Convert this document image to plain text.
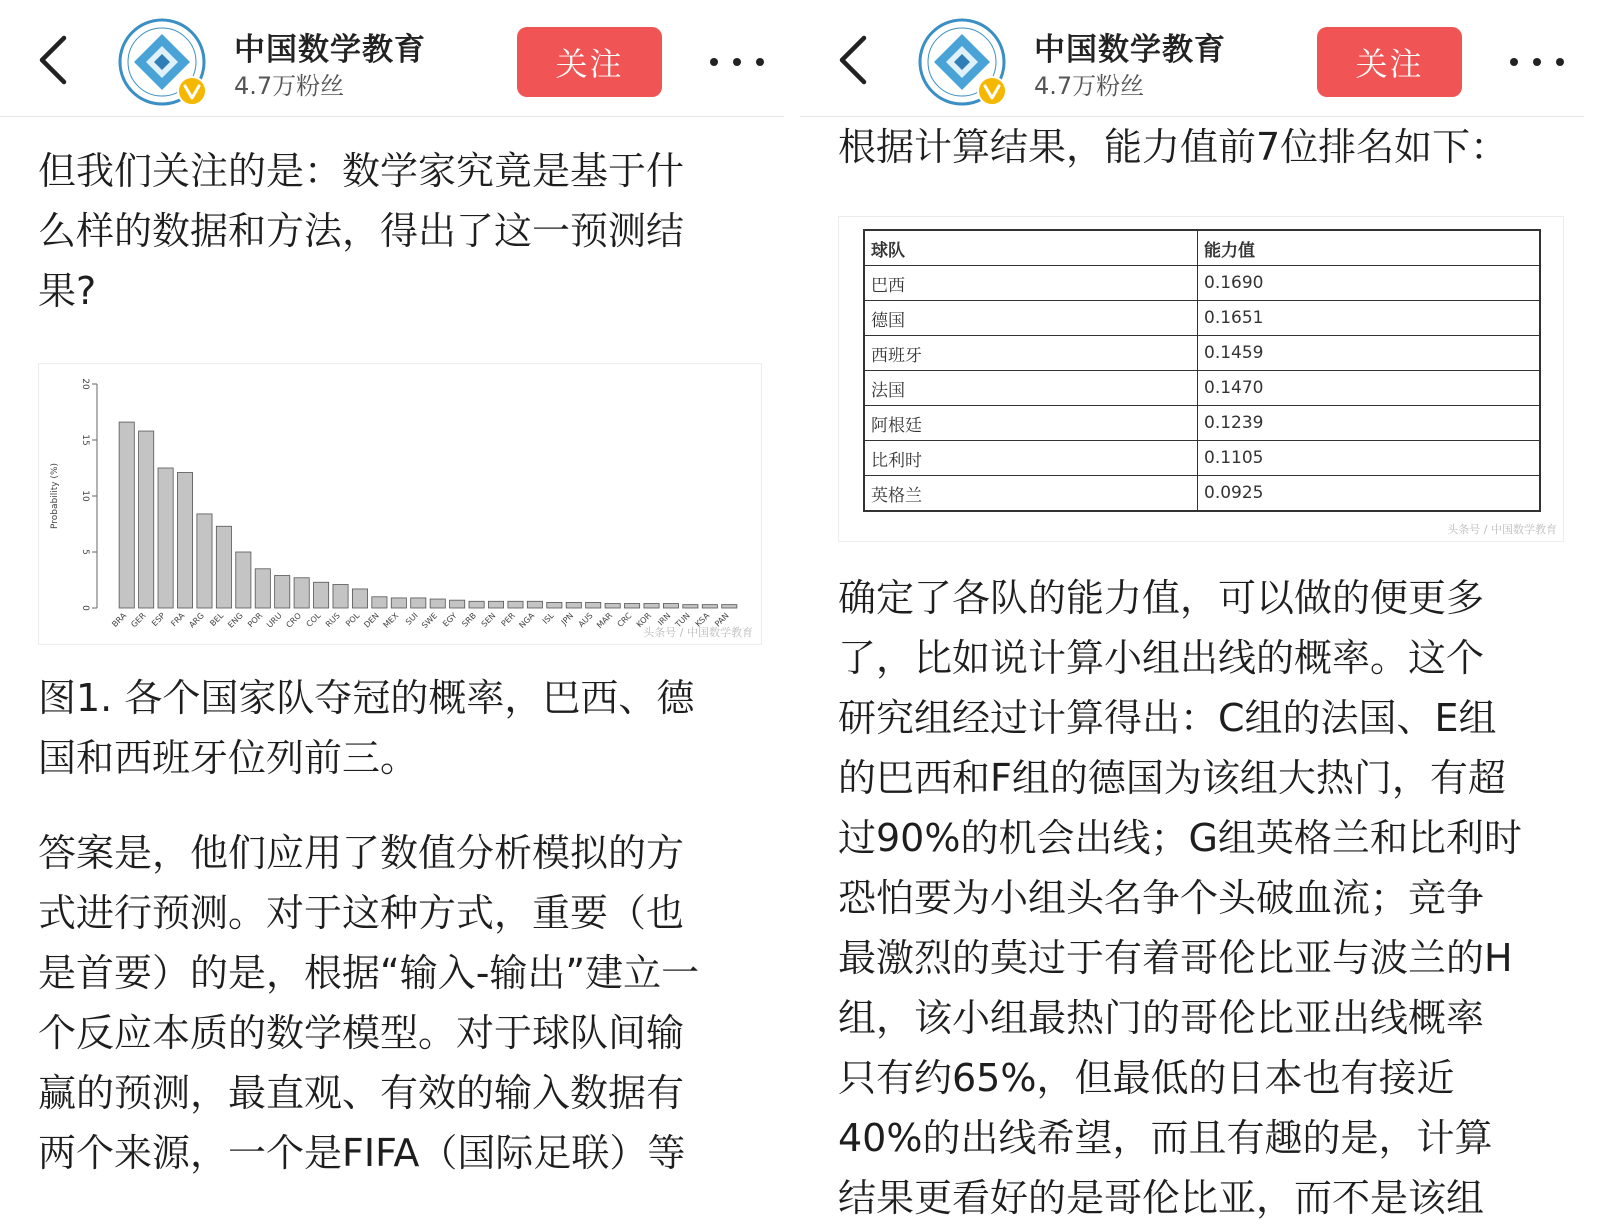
中国数学教育
4.7万粉丝
关注

但我们关注的是：数学家究竟是基于什
么样的数据和方法，得出了这一预测结
果?

0
5
10
15
20
Probability (%)
BRA GER ESP FRA ARG BEL ENG POR URU CRO COL RUS POL DEN MEX SUI SWE EGY SRB SEN PER NGA ISL JPN AUS MAR CRC KOR IRN TUN KSA PAN
头条号 / 中国数学教育

图1. 各个国家队夺冠的概率，巴西、德
国和西班牙位列前三。

答案是，他们应用了数值分析模拟的方
式进行预测。对于这种方式，重要（也
是首要）的是，根据“输入-输出”建立一
个反应本质的数学模型。对于球队间输
赢的预测，最直观、有效的输入数据有
两个来源，一个是FIFA（国际足联）等

中国数学教育
4.7万粉丝
关注

根据计算结果，能力值前7位排名如下：

球队	能力值
巴西	0.1690
德国	0.1651
西班牙	0.1459
法国	0.1470
阿根廷	0.1239
比利时	0.1105
英格兰	0.0925
头条号 / 中国数学教育

确定了各队的能力值，可以做的便更多
了，比如说计算小组出线的概率。这个
研究组经过计算得出：C组的法国、E组
的巴西和F组的德国为该组大热门，有超
过90%的机会出线；G组英格兰和比利时
恐怕要为小组头名争个头破血流；竞争
最激烈的莫过于有着哥伦比亚与波兰的H
组，该小组最热门的哥伦比亚出线概率
只有约65%，但最低的日本也有接近
40%的出线希望，而且有趣的是，计算
结果更看好的是哥伦比亚，而不是该组
